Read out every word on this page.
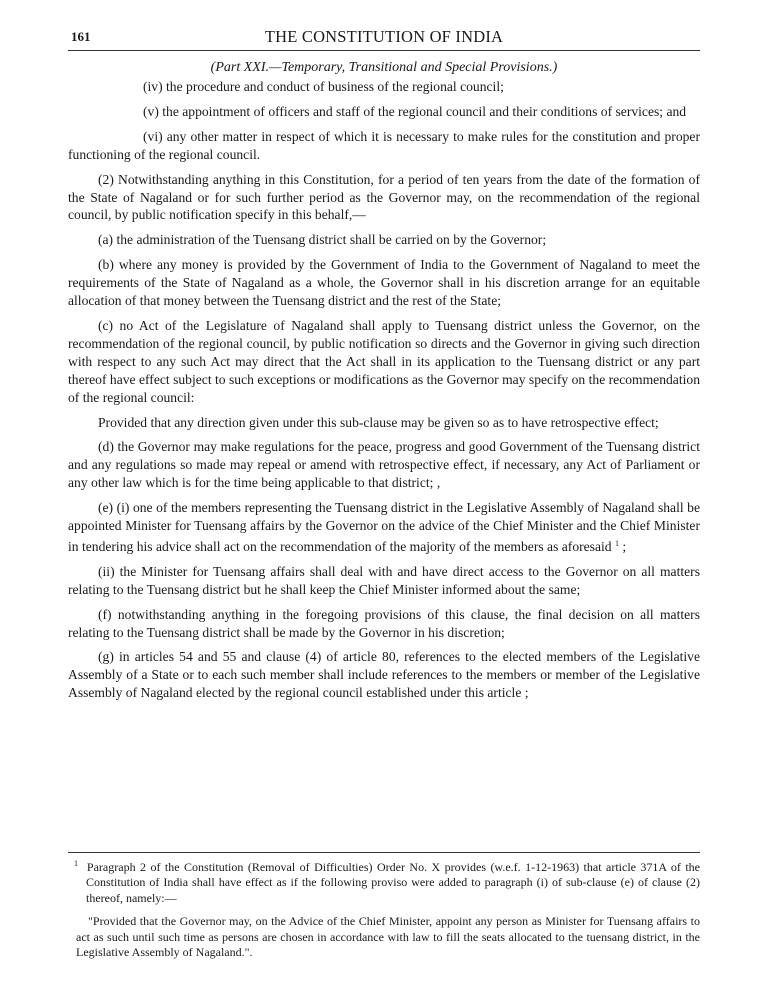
161	THE CONSTITUTION OF INDIA
(Part XXI.—Temporary, Transitional and Special Provisions.)

(iv) the procedure and conduct of business of the regional council;

(v) the appointment of officers and staff of the regional council and their conditions of services; and

(vi) any other matter in respect of which it is necessary to make rules for the constitution and proper functioning of the regional council.

(2) Notwithstanding anything in this Constitution, for a period of ten years from the date of the formation of the State of Nagaland or for such further period as the Governor may, on the recommendation of the regional council, by public notification specify in this behalf,—

(a) the administration of the Tuensang district shall be carried on by the Governor;

(b) where any money is provided by the Government of India to the Government of Nagaland to meet the requirements of the State of Nagaland as a whole, the Governor shall in his discretion arrange for an equitable allocation of that money between the Tuensang district and the rest of the State;

(c) no Act of the Legislature of Nagaland shall apply to Tuensang district unless the Governor, on the recommendation of the regional council, by public notification so directs and the Governor in giving such direction with respect to any such Act may direct that the Act shall in its application to the Tuensang district or any part thereof have effect subject to such exceptions or modifications as the Governor may specify on the recommendation of the regional council:

Provided that any direction given under this sub-clause may be given so as to have retrospective effect;

(d) the Governor may make regulations for the peace, progress and good Government of the Tuensang district and any regulations so made may repeal or amend with retrospective effect, if necessary, any Act of Parliament or any other law which is for the time being applicable to that district; ,

(e) (i) one of the members representing the Tuensang district in the Legislative Assembly of Nagaland shall be appointed Minister for Tuensang affairs by the Governor on the advice of the Chief Minister and the Chief Minister in tendering his advice shall act on the recommendation of the majority of the members as aforesaid $^1$ ;

(ii) the Minister for Tuensang affairs shall deal with and have direct access to the Governor on all matters relating to the Tuensang district but he shall keep the Chief Minister informed about the same;

(f) notwithstanding anything in the foregoing provisions of this clause, the final decision on all matters relating to the Tuensang district shall be made by the Governor in his discretion;

(g) in articles 54 and 55 and clause (4) of article 80, references to the elected members of the Legislative Assembly of a State or to each such member shall include references to the members or member of the Legislative Assembly of Nagaland elected by the regional council established under this article ;

$^1$ Paragraph 2 of the Constitution (Removal of Difficulties) Order No. X provides (w.e.f. 1-12-1963) that article 371A of the Constitution of India shall have effect as if the following proviso were added to paragraph (i) of sub-clause (e) of clause (2) thereof, namely:—

"Provided that the Governor may, on the Advice of the Chief Minister, appoint any person as Minister for Tuensang affairs to act as such until such time as persons are chosen in accordance with law to fill the seats allocated to the tuensang district, in the Legislative Assembly of Nagaland.".
